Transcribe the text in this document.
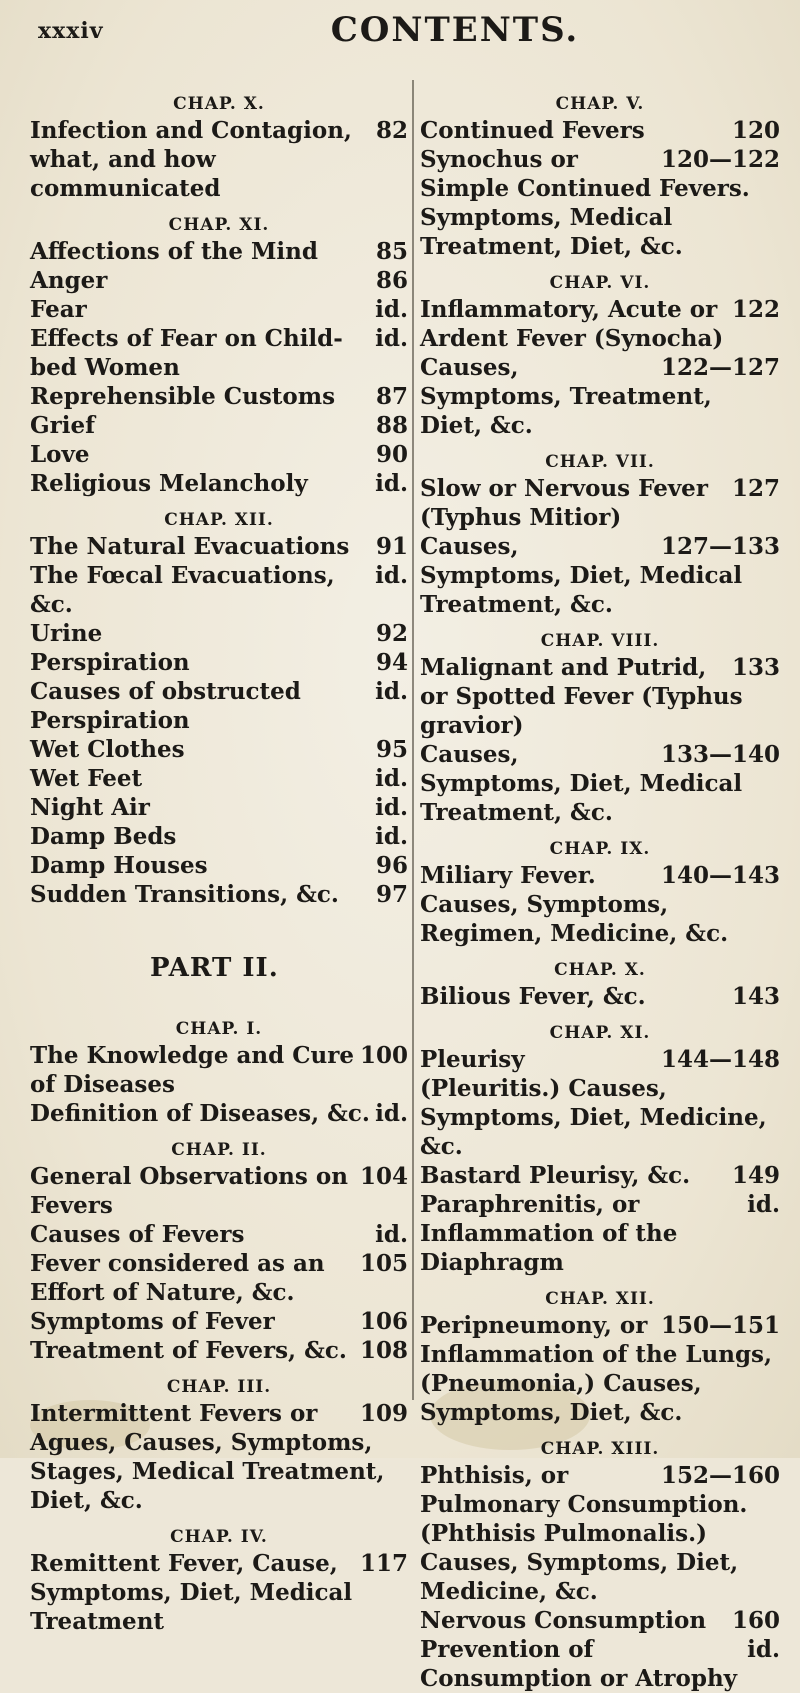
xxxiv	CONTENTS.
CHAP. X.
82
Infection and Contagion, what, and how communicated
CHAP. XI.
85
Affections of the Mind
86
Anger
id.
Fear
id.
Effects of Fear on Child-bed Women
87
Reprehensible Customs
88
Grief
90
Love
id.
Religious Melancholy
CHAP. XII.
91
The Natural Evacuations
id.
The Fœcal Evacuations, &c.
92
Urine
94
Perspiration
id.
Causes of obstructed Perspiration
95
Wet Clothes
id.
Wet Feet
id.
Night Air
id.
Damp Beds
96
Damp Houses
97
Sudden Transitions, &c.
PART II.
CHAP. I.
100
The Knowledge and Cure of Diseases
id.
Definition of Diseases, &c.
CHAP. II.
104
General Observations on Fevers
id.
Causes of Fevers
105
Fever considered as an Effort of Nature, &c.
106
Symptoms of Fever
108
Treatment of Fevers, &c.
CHAP. III.
109
Intermittent Fevers or Agues, Causes, Symptoms, Stages, Medical Treatment, Diet, &c.
CHAP. IV.
117
Remittent Fever, Cause, Symptoms, Diet, Medical Treatment
CHAP. V.
120
Continued Fevers
120—122
Synochus or Simple Continued Fevers. Symptoms, Medical Treatment, Diet, &c.
CHAP. VI.
122
Inflammatory, Acute or Ardent Fever (Synocha)
122—127
Causes, Symptoms, Treatment, Diet, &c.
CHAP. VII.
127
Slow or Nervous Fever (Typhus Mitior)
127—133
Causes, Symptoms, Diet, Medical Treatment, &c.
CHAP. VIII.
133
Malignant and Putrid, or Spotted Fever (Typhus gravior)
133—140
Causes, Symptoms, Diet, Medical Treatment, &c.
CHAP. IX.
140—143
Miliary Fever. Causes, Symptoms, Regimen, Medicine, &c.
CHAP. X.
143
Bilious Fever, &c.
CHAP. XI.
144—148
Pleurisy (Pleuritis.) Causes, Symptoms, Diet, Medicine, &c.
149
Bastard Pleurisy, &c.
id.
Paraphrenitis, or Inflammation of the Diaphragm
CHAP. XII.
150—151
Peripneumony, or Inflammation of the Lungs, (Pneumonia,) Causes, Symptoms, Diet, &c.
CHAP. XIII.
152—160
Phthisis, or Pulmonary Consumption. (Phthisis Pulmonalis.) Causes, Symptoms, Diet, Medicine, &c.
160
Nervous Consumption
id.
Prevention of Consumption or Atrophy
